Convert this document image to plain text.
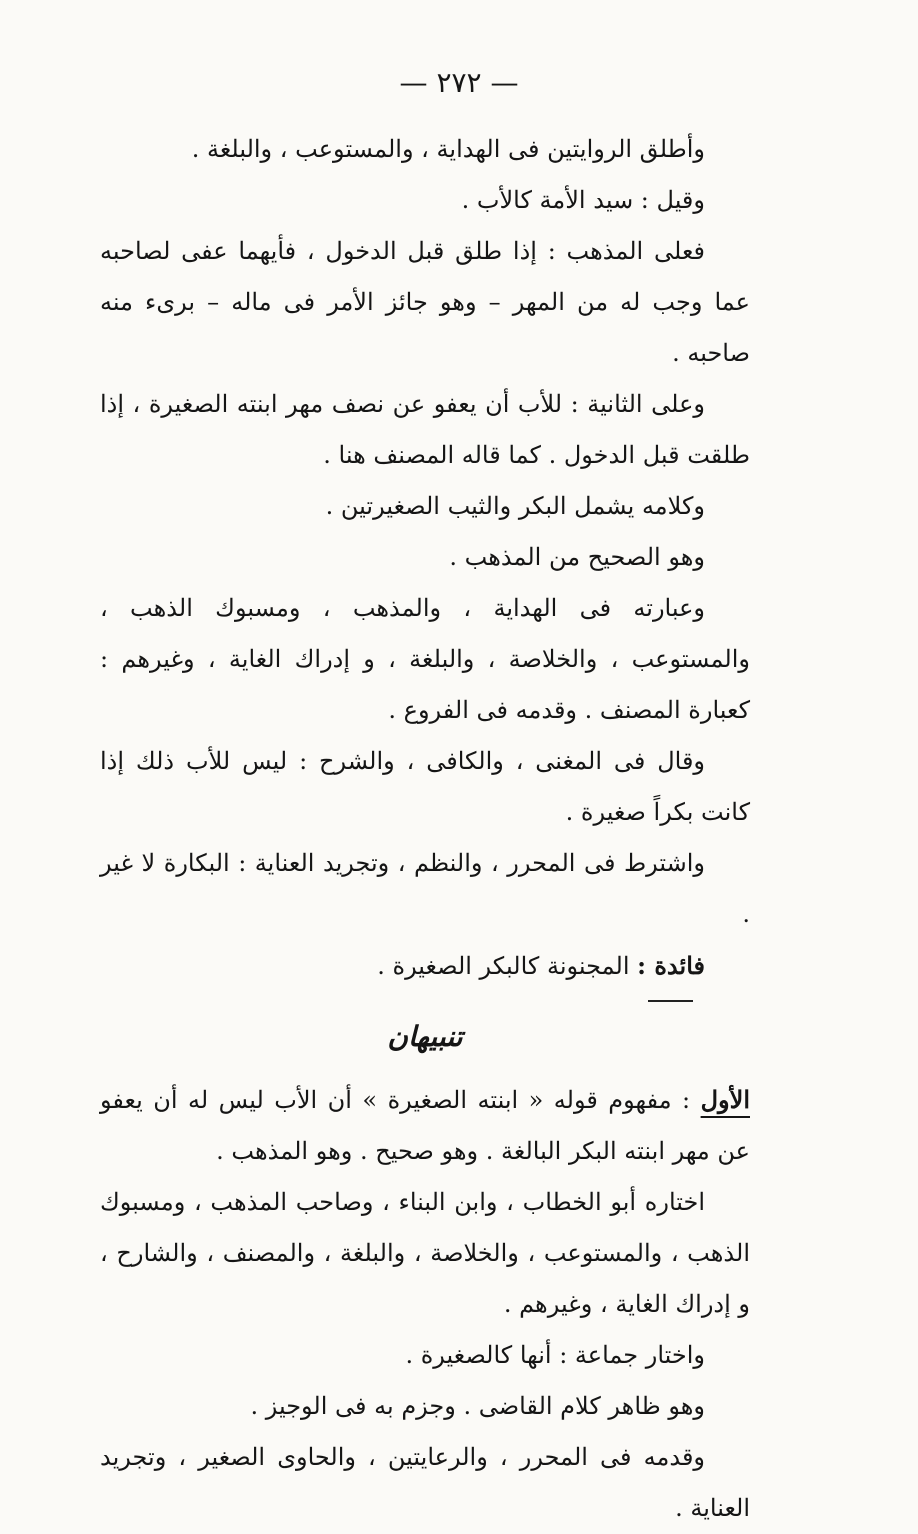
— ٢٧٢ —

وأطلق الروايتين فى الهداية ، والمستوعب ، والبلغة .

وقيل : سيد الأمة كالأب .

فعلى المذهب : إذا طلق قبل الدخول ، فأيهما عفى لصاحبه عما وجب له من المهر – وهو جائز الأمر فى ماله – برىء منه صاحبه .

وعلى الثانية : للأب أن يعفو عن نصف مهر ابنته الصغيرة ، إذا طلقت قبل الدخول . كما قاله المصنف هنا .

وكلامه يشمل البكر والثيب الصغيرتين .

وهو الصحيح من المذهب .

وعبارته فى الهداية ، والمذهب ، ومسبوك الذهب ، والمستوعب ، والخلاصة ، والبلغة ، و إدراك الغاية ، وغيرهم : كعبارة المصنف . وقدمه فى الفروع .

وقال فى المغنى ، والكافى ، والشرح : ليس للأب ذلك إذا كانت بكراً صغيرة .

واشترط فى المحرر ، والنظم ، وتجريد العناية : البكارة لا غير .

فائدة : المجنونة كالبكر الصغيرة .

تنبيهان

الأول : مفهوم قوله « ابنته الصغيرة » أن الأب ليس له أن يعفو عن مهر ابنته البكر البالغة . وهو صحيح . وهو المذهب .

اختاره أبو الخطاب ، وابن البناء ، وصاحب المذهب ، ومسبوك الذهب ، والمستوعب ، والخلاصة ، والبلغة ، والمصنف ، والشارح ، و إدراك الغاية ، وغيرهم .

واختار جماعة : أنها كالصغيرة .

وهو ظاهر كلام القاضى . وجزم به فى الوجيز .

وقدمه فى المحرر ، والرعايتين ، والحاوى الصغير ، وتجريد العناية .
